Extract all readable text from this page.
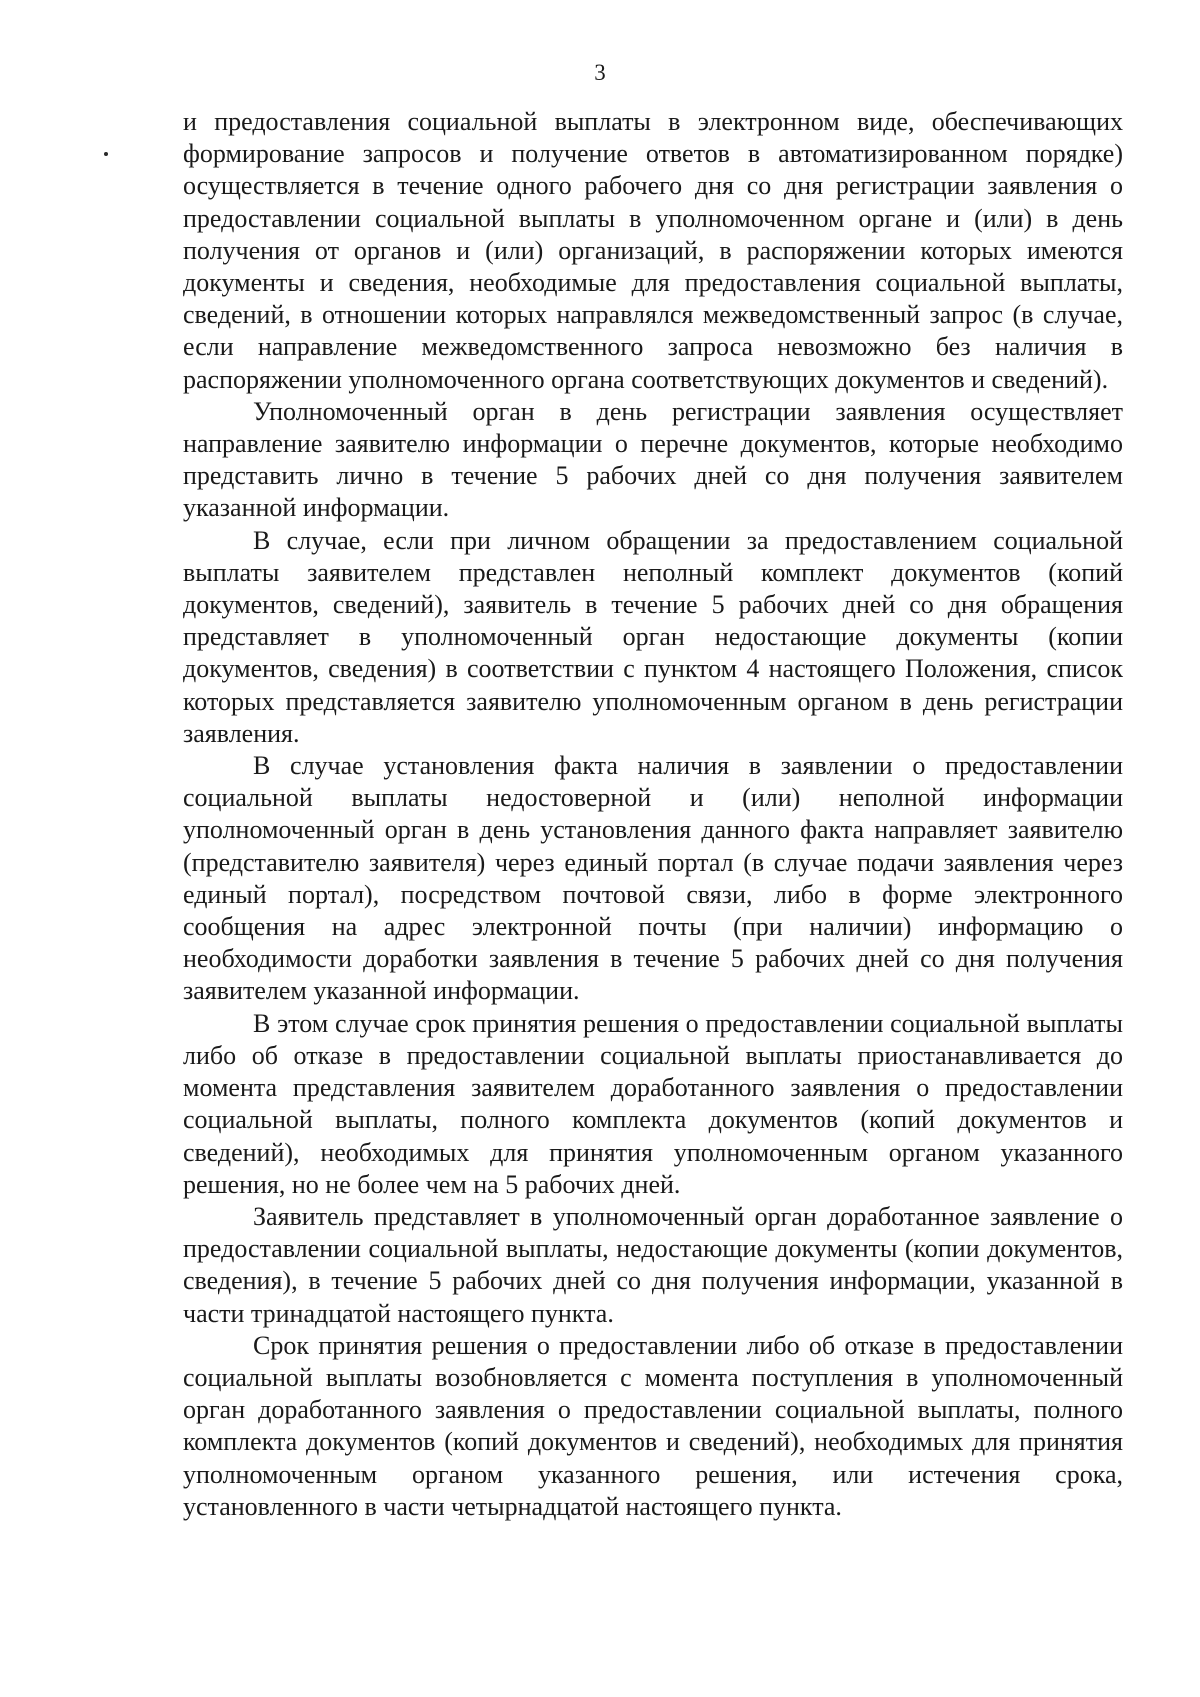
3

и предоставления социальной выплаты в электронном виде, обеспечивающих формирование запросов и получение ответов в автоматизированном порядке) осуществляется в течение одного рабочего дня со дня регистрации заявления о предоставлении социальной выплаты в уполномоченном органе и (или) в день получения от органов и (или) организаций, в распоряжении которых имеются документы и сведения, необходимые для предоставления социальной выплаты, сведений, в отношении которых направлялся межведомственный запрос (в случае, если направление межведомственного запроса невозможно без наличия в распоряжении уполномоченного органа соответствующих документов и сведений).

Уполномоченный орган в день регистрации заявления осуществляет направление заявителю информации о перечне документов, которые необходимо представить лично в течение 5 рабочих дней со дня получения заявителем указанной информации.

В случае, если при личном обращении за предоставлением социальной выплаты заявителем представлен неполный комплект документов (копий документов, сведений), заявитель в течение 5 рабочих дней со дня обращения представляет в уполномоченный орган недостающие документы (копии документов, сведения) в соответствии с пунктом 4 настоящего Положения, список которых представляется заявителю уполномоченным органом в день регистрации заявления.

В случае установления факта наличия в заявлении о предоставлении социальной выплаты недостоверной и (или) неполной информации уполномоченный орган в день установления данного факта направляет заявителю (представителю заявителя) через единый портал (в случае подачи заявления через единый портал), посредством почтовой связи, либо в форме электронного сообщения на адрес электронной почты (при наличии) информацию о необходимости доработки заявления в течение 5 рабочих дней со дня получения заявителем указанной информации.

В этом случае срок принятия решения о предоставлении социальной выплаты либо об отказе в предоставлении социальной выплаты приостанавливается до момента представления заявителем доработанного заявления о предоставлении социальной выплаты, полного комплекта документов (копий документов и сведений), необходимых для принятия уполномоченным органом указанного решения, но не более чем на 5 рабочих дней.

Заявитель представляет в уполномоченный орган доработанное заявление о предоставлении социальной выплаты, недостающие документы (копии документов, сведения), в течение 5 рабочих дней со дня получения информации, указанной в части тринадцатой настоящего пункта.

Срок принятия решения о предоставлении либо об отказе в предоставлении социальной выплаты возобновляется с момента поступления в уполномоченный орган доработанного заявления о предоставлении социальной выплаты, полного комплекта документов (копий документов и сведений), необходимых для принятия уполномоченным органом указанного решения, или истечения срока, установленного в части четырнадцатой настоящего пункта.
